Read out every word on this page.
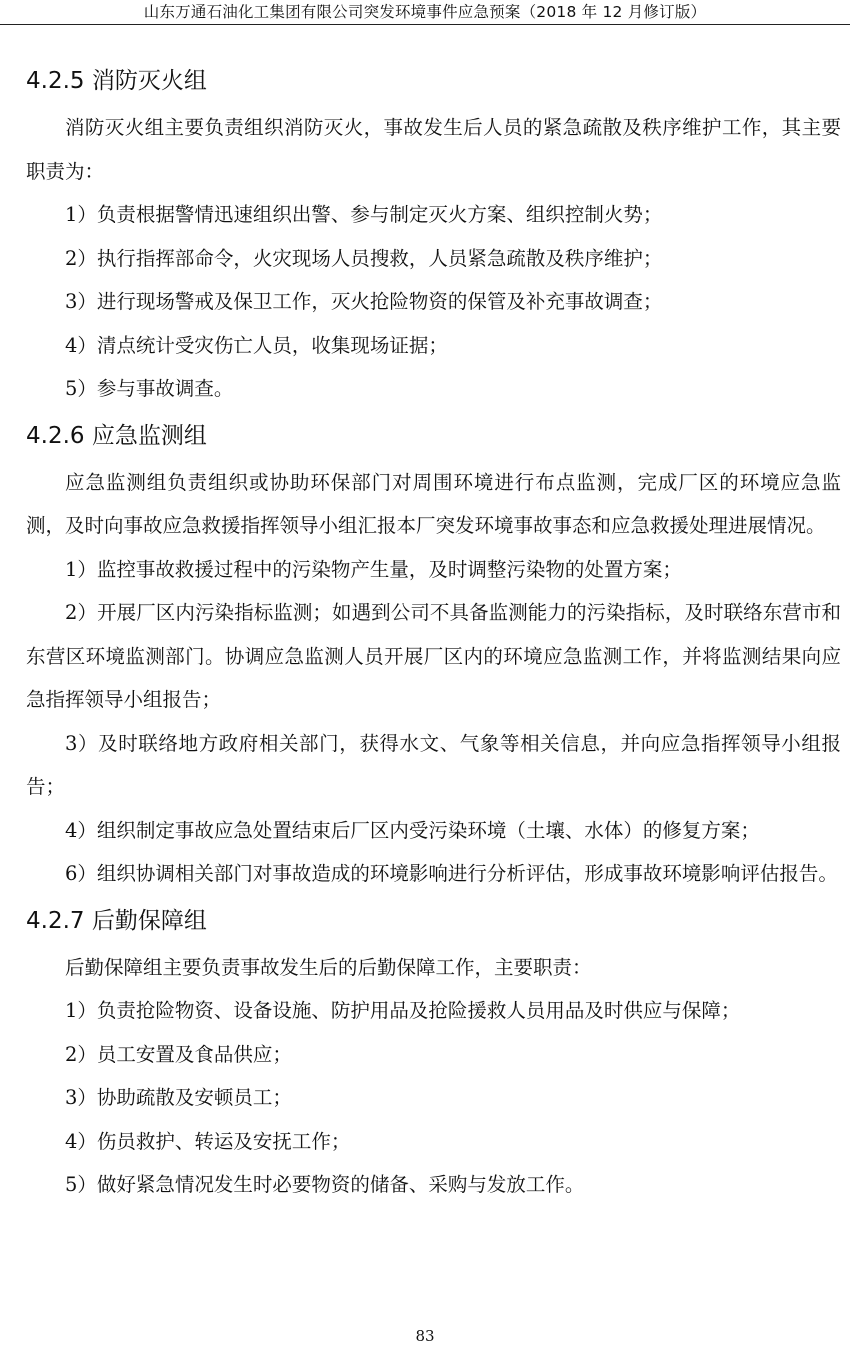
山东万通石油化工集团有限公司突发环境事件应急预案（2018 年 12 月修订版）
4.2.5 消防灭火组

消防灭火组主要负责组织消防灭火，事故发生后人员的紧急疏散及秩序维护工作，其主要职责为：

1）负责根据警情迅速组织出警、参与制定灭火方案、组织控制火势；

2）执行指挥部命令，火灾现场人员搜救，人员紧急疏散及秩序维护；

3）进行现场警戒及保卫工作，灭火抢险物资的保管及补充事故调查；

4）清点统计受灾伤亡人员，收集现场证据；

5）参与事故调查。

4.2.6 应急监测组

应急监测组负责组织或协助环保部门对周围环境进行布点监测，完成厂区的环境应急监测，及时向事故应急救援指挥领导小组汇报本厂突发环境事故事态和应急救援处理进展情况。

1）监控事故救援过程中的污染物产生量，及时调整污染物的处置方案；

2）开展厂区内污染指标监测；如遇到公司不具备监测能力的污染指标，及时联络东营市和东营区环境监测部门。协调应急监测人员开展厂区内的环境应急监测工作，并将监测结果向应急指挥领导小组报告；

3）及时联络地方政府相关部门，获得水文、气象等相关信息，并向应急指挥领导小组报告；

4）组织制定事故应急处置结束后厂区内受污染环境（土壤、水体）的修复方案；

6）组织协调相关部门对事故造成的环境影响进行分析评估，形成事故环境影响评估报告。

4.2.7 后勤保障组

后勤保障组主要负责事故发生后的后勤保障工作，主要职责：

1）负责抢险物资、设备设施、防护用品及抢险援救人员用品及时供应与保障；

2）员工安置及食品供应；

3）协助疏散及安顿员工；

4）伤员救护、转运及安抚工作；

5）做好紧急情况发生时必要物资的储备、采购与发放工作。

83
